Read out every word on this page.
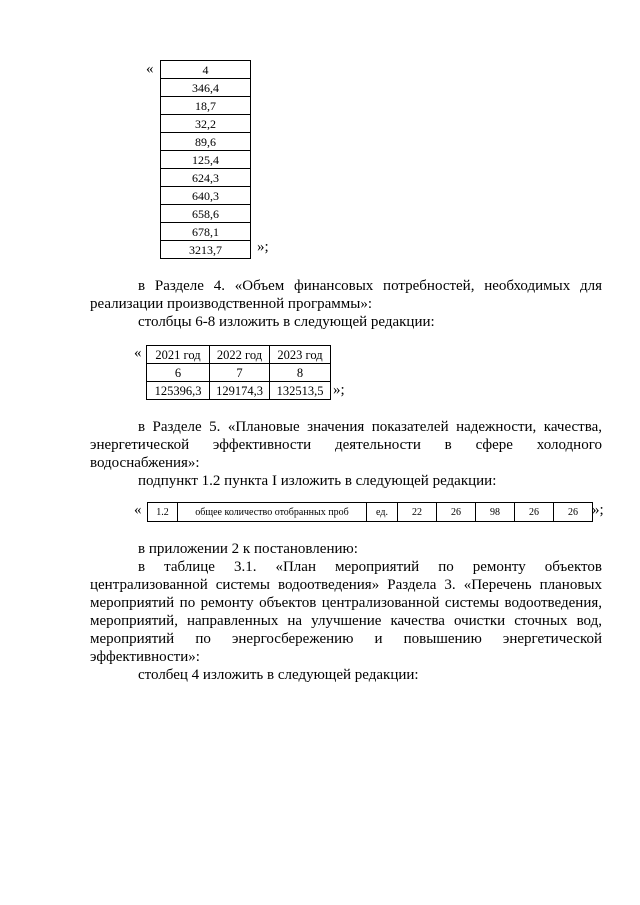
«	4
346,4
18,7
32,2
89,6
125,4
624,3
640,3
658,6
678,1
3213,7 »;
в Разделе 4. «Объем финансовых потребностей, необходимых для
реализации производственной программы»:
столбцы 6-8 изложить в следующей редакции:
« 2021 год	2022 год	2023 год
6	7	8
125396,3	129174,3	132513,5 »;
в Разделе 5. «Плановые значения показателей надежности, качества,
энергетической эффективности деятельности в сфере холодного
водоснабжения»:
подпункт 1.2 пункта I изложить в следующей редакции:
« 1.2	общее количество отобранных проб	ед.	22	26	98	26	26 »;
в приложении 2 к постановлению:
в таблице 3.1. «План мероприятий по ремонту объектов
централизованной системы водоотведения» Раздела 3. «Перечень плановых
мероприятий по ремонту объектов централизованной системы водоотведения,
мероприятий, направленных на улучшение качества очистки сточных вод,
мероприятий по энергосбережению и повышению энергетической
эффективности»:
столбец 4 изложить в следующей редакции:
